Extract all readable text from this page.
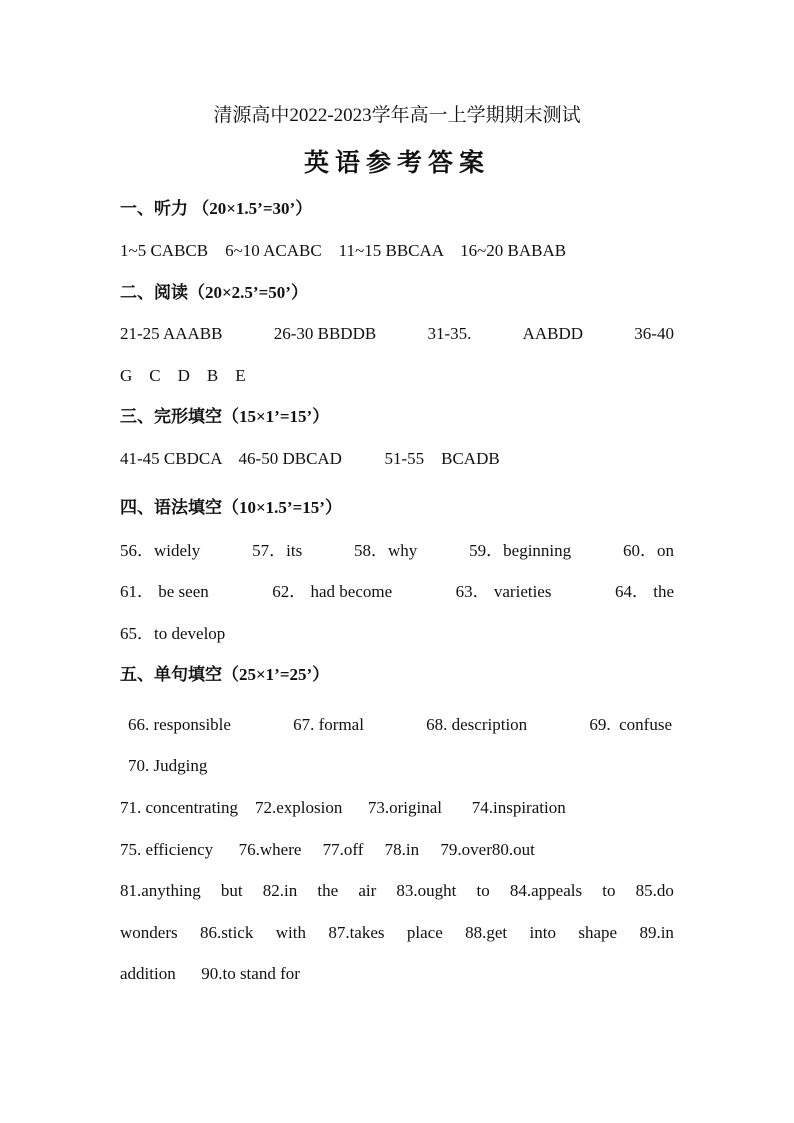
清源高中2022-2023学年高一上学期期末测试
英语参考答案
一、听力 （20×1.5’=30’）
1~5 CABCB    6~10 ACABC    11~15 BBCAA    16~20 BABAB
二、阅读（20×2.5’=50’）
21-25 AAABB	26-30 BBDDB	31-35.	AABDD	36-40
G    C    D    B    E
三、完形填空（15×1’=15’）
41-45 CBDCA    46-50 DBCAD          51-55    BCADB
四、语法填空（10×1.5’=15’）
56．widely	57．its	58．why	59．beginning	60．on
61． be seen	62． had become	63． varieties	64． the
65．to develop
五、单句填空（25×1’=25’）
66. responsible	67. formal	68. description	69.  confuse
70. Judging
71. concentrating    72.explosion      73.original       74.inspiration
75. efficiency      76.where     77.off     78.in     79.over80.out
81.anything but 82.in the air 83.ought to 84.appeals to 85.do
wonders 86.stick with 87.takes place 88.get into shape 89.in
addition      90.to stand for
